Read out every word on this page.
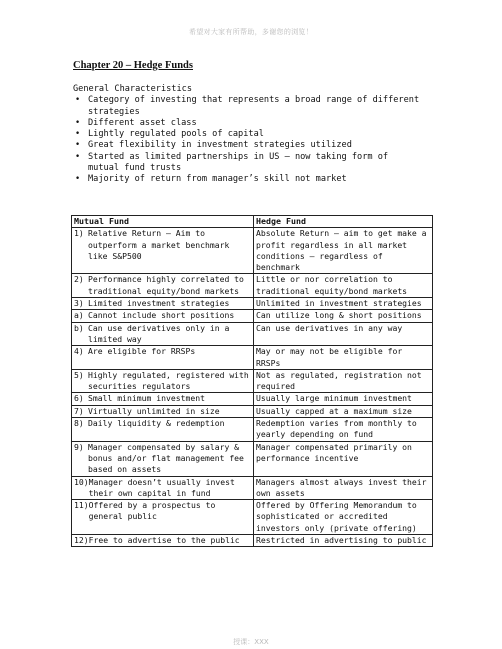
希望对大家有所帮助，多谢您的浏览！
Chapter 20 – Hedge Funds

General Characteristics

• Category of investing that represents a broad range of different strategies
• Different asset class
• Lightly regulated pools of capital
• Great flexibility in investment strategies utilized
• Started as limited partnerships in US – now taking form of mutual fund trusts
• Majority of return from manager’s skill not market
Mutual Fund	Hedge Fund

1) Relative Return – Aim to outperform a market benchmark like S&P500	Absolute Return – aim to get make a profit regardless in all market conditions – regardless of benchmark

2) Performance highly correlated to traditional equity/bond markets	Little or nor correlation to traditional equity/bond markets

3) Limited investment strategies	Unlimited in investment strategies

a) Cannot include short positions	Can utilize long & short positions

b) Can use derivatives only in a limited way	Can use derivatives in any way

4) Are eligible for RRSPs	May or may not be eligible for RRSPs

5) Highly regulated, registered with securities regulators	Not as regulated, registration not required

6) Small minimum investment	Usually large minimum investment

7) Virtually unlimited in size	Usually capped at a maximum size

8) Daily liquidity & redemption	Redemption varies from monthly to yearly depending on fund

9) Manager compensated by salary & bonus and/or flat management fee based on assets	Manager compensated primarily on performance incentive

10) Manager doesn’t usually invest their own capital in fund	Managers almost always invest their own assets

11) Offered by a prospectus to general public	Offered by Offering Memorandum to sophisticated or accredited investors only (private offering)

12) Free to advertise to the public	Restricted in advertising to public
授课：XXX
